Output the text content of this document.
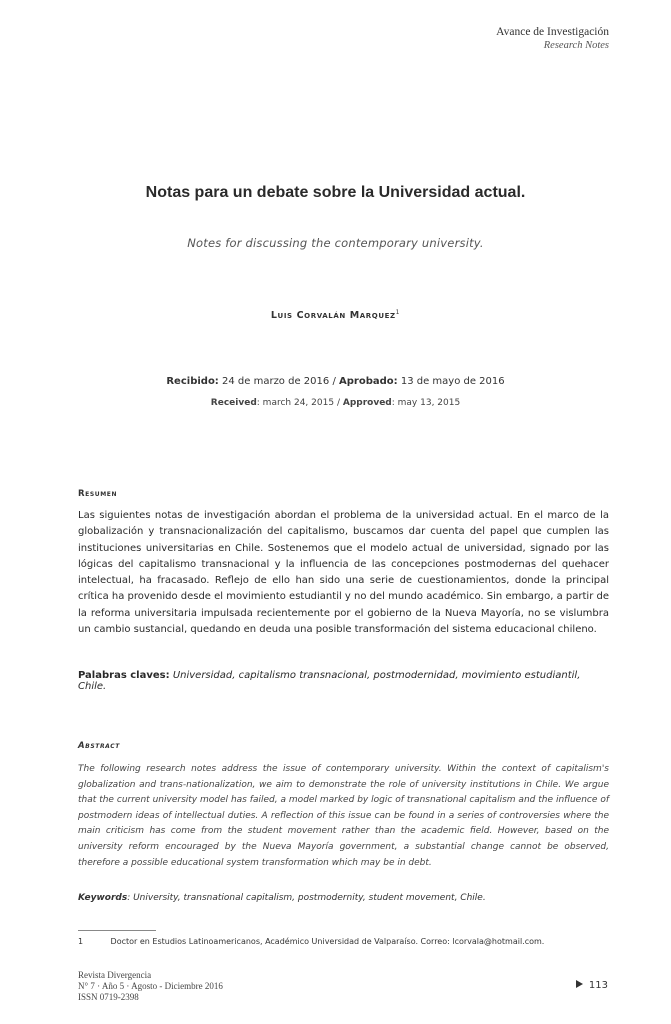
Avance de Investigación
Research Notes
Notas para un debate sobre la Universidad actual.
Notes for discussing the contemporary university.
Luis Corvalán Marquez$^1$
Recibido: 24 de marzo de 2016 / Aprobado: 13 de mayo de 2016
Received: march 24, 2015 / Approved: may 13, 2015
Resumen
Las siguientes notas de investigación abordan el problema de la universidad actual. En el marco de la globalización y transnacionalización del capitalismo, buscamos dar cuenta del papel que cumplen las instituciones universitarias en Chile. Sostenemos que el modelo actual de universidad, signado por las lógicas del capitalismo transnacional y la influencia de las concepciones postmodernas del quehacer intelectual, ha fracasado. Reflejo de ello han sido una serie de cuestionamientos, donde la principal crítica ha provenido desde el movimiento estudiantil y no del mundo académico. Sin embargo, a partir de la reforma universitaria impulsada recientemente por el gobierno de la Nueva Mayoría, no se vislumbra un cambio sustancial, quedando en deuda una posible transformación del sistema educacional chileno.
Palabras claves: Universidad, capitalismo transnacional, postmodernidad, movimiento estudiantil, Chile.
Abstract
The following research notes address the issue of contemporary university. Within the context of capitalism's globalization and trans-nationalization, we aim to demonstrate the role of university institutions in Chile. We argue that the current university model has failed, a model marked by logic of transnational capitalism and the influence of postmodern ideas of intellectual duties. A reflection of this issue can be found in a series of controversies where the main criticism has come from the student movement rather than the academic field. However, based on the university reform encouraged by the Nueva Mayoría government, a substantial change cannot be observed, therefore a possible educational system transformation which may be in debt.
Keywords: University, transnational capitalism, postmodernity, student movement, Chile.
1	Doctor en Estudios Latinoamericanos, Académico Universidad de Valparaíso. Correo: lcorvala@hotmail.com.
Revista Divergencia
N° 7 · Año 5 · Agosto - Diciembre 2016
ISSN 0719-2398
113
